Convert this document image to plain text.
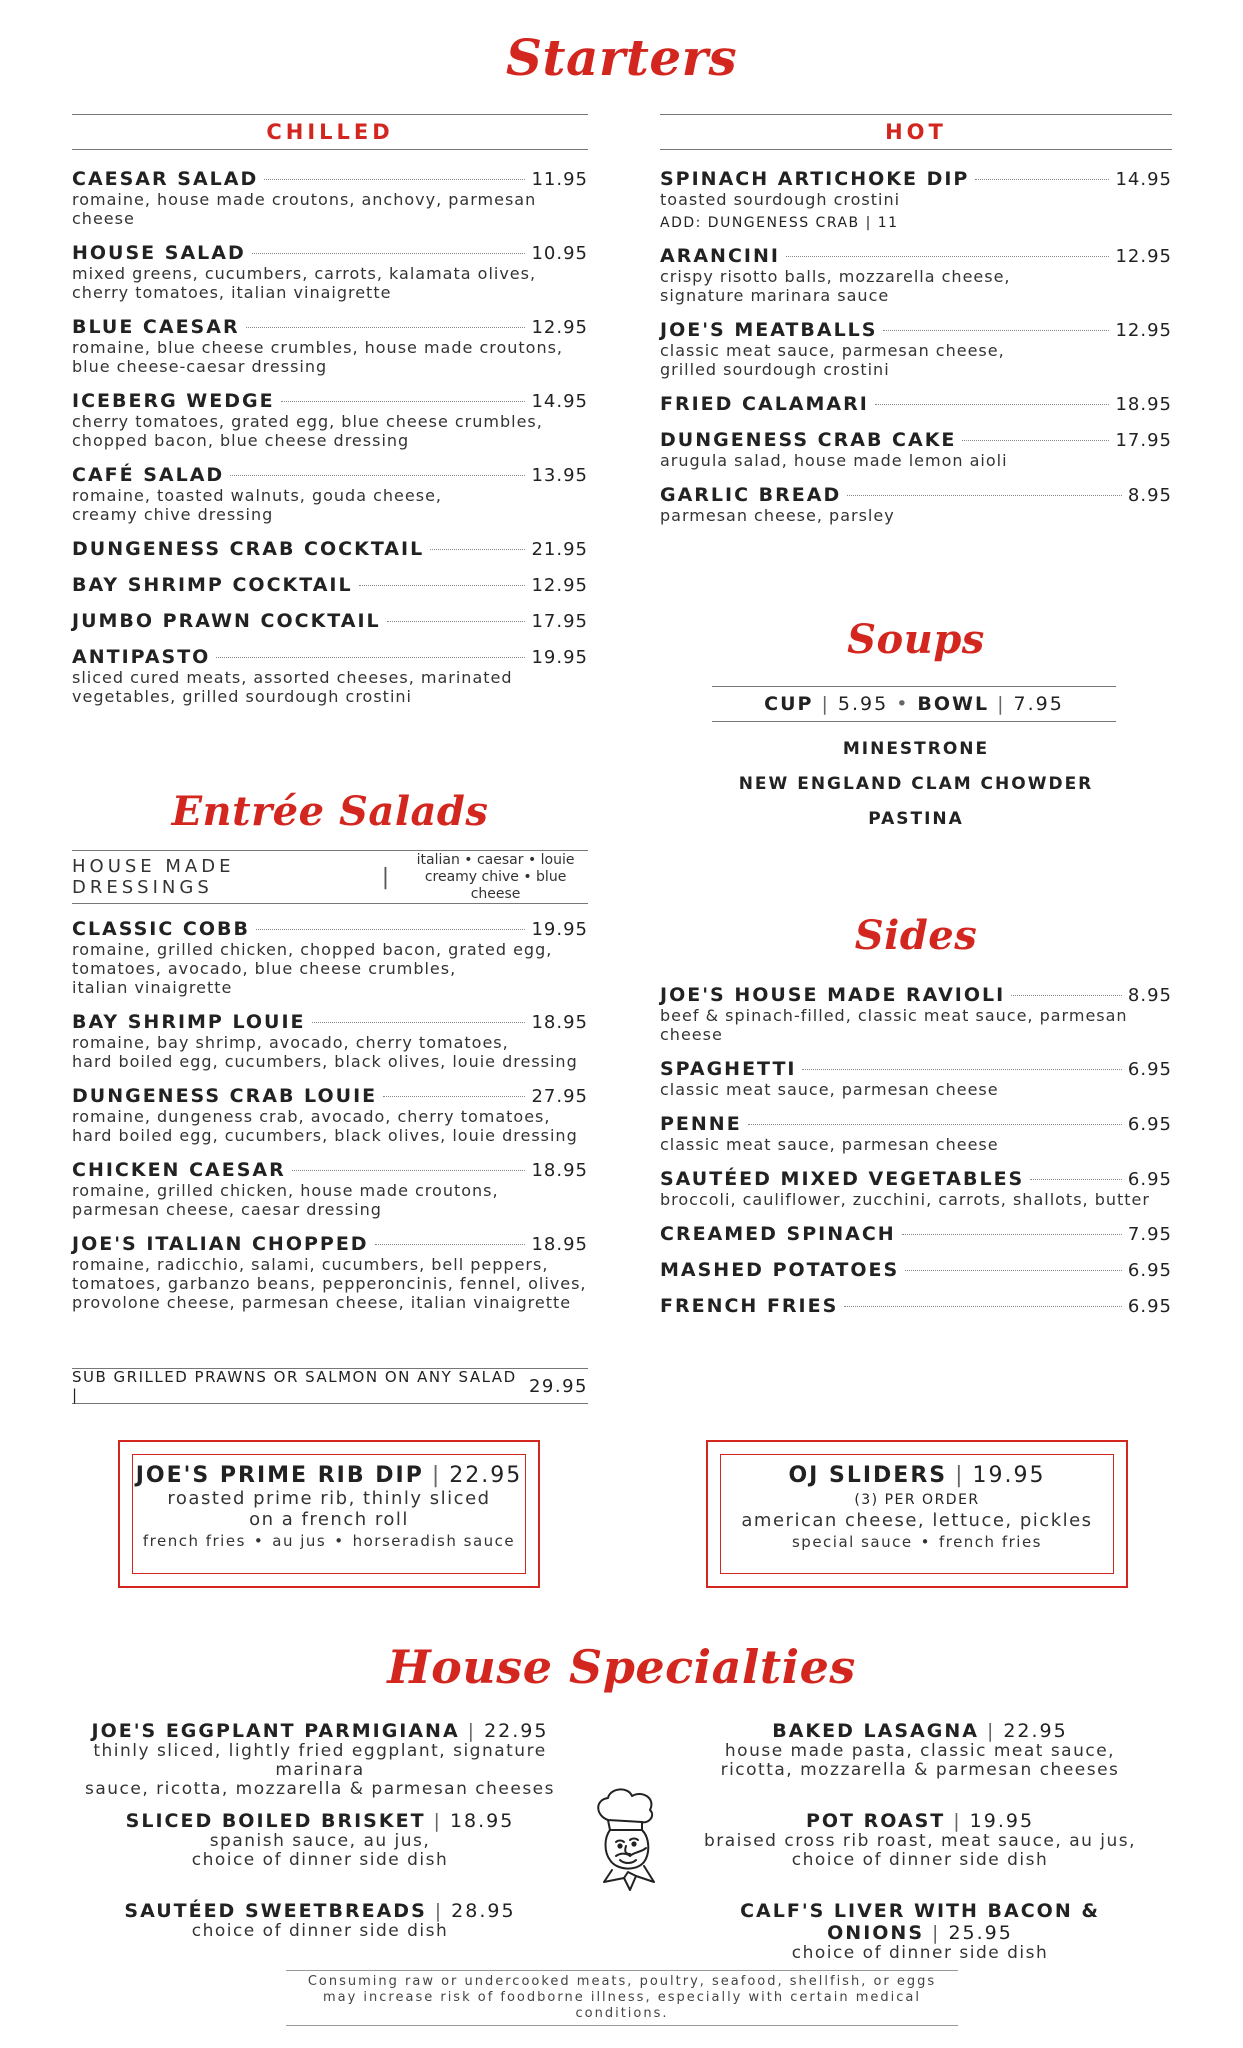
Starters
CHILLED
CAESAR SALAD	11.95
romaine, house made croutons, anchovy, parmesan cheese
HOUSE SALAD	10.95
mixed greens, cucumbers, carrots, kalamata olives,
cherry tomatoes, italian vinaigrette
BLUE CAESAR	12.95
romaine, blue cheese crumbles, house made croutons,
blue cheese-caesar dressing
ICEBERG WEDGE	14.95
cherry tomatoes, grated egg, blue cheese crumbles,
chopped bacon, blue cheese dressing
CAFÉ SALAD	13.95
romaine, toasted walnuts, gouda cheese,
creamy chive dressing
DUNGENESS CRAB COCKTAIL	21.95
BAY SHRIMP COCKTAIL	12.95
JUMBO PRAWN COCKTAIL	17.95
ANTIPASTO	19.95
sliced cured meats, assorted cheeses, marinated
vegetables, grilled sourdough crostini
HOT
SPINACH ARTICHOKE DIP	14.95
toasted sourdough crostini
ADD: DUNGENESS CRAB | 11
ARANCINI	12.95
crispy risotto balls, mozzarella cheese,
signature marinara sauce
JOE'S MEATBALLS	12.95
classic meat sauce, parmesan cheese,
grilled sourdough crostini
FRIED CALAMARI	18.95
DUNGENESS CRAB CAKE	17.95
arugula salad, house made lemon aioli
GARLIC BREAD	8.95
parmesan cheese, parsley
Entrée Salads
HOUSE MADE DRESSINGS	|
italian • caesar • louie
creamy chive • blue cheese
CLASSIC COBB	19.95
romaine, grilled chicken, chopped bacon, grated egg,
tomatoes, avocado, blue cheese crumbles,
italian vinaigrette
BAY SHRIMP LOUIE	18.95
romaine, bay shrimp, avocado, cherry tomatoes,
hard boiled egg, cucumbers, black olives, louie dressing
DUNGENESS CRAB LOUIE	27.95
romaine, dungeness crab, avocado, cherry tomatoes,
hard boiled egg, cucumbers, black olives, louie dressing
CHICKEN CAESAR	18.95
romaine, grilled chicken, house made croutons,
parmesan cheese, caesar dressing
JOE'S ITALIAN CHOPPED	18.95
romaine, radicchio, salami, cucumbers, bell peppers,
tomatoes, garbanzo beans, pepperoncinis, fennel, olives,
provolone cheese, parmesan cheese, italian vinaigrette
SUB GRILLED PRAWNS OR SALMON ON ANY SALAD |	29.95
Soups
CUP | 5.95 • BOWL | 7.95
MINESTRONE
NEW ENGLAND CLAM CHOWDER
PASTINA
Sides
JOE'S HOUSE MADE RAVIOLI	8.95
beef & spinach-filled, classic meat sauce, parmesan cheese
SPAGHETTI	6.95
classic meat sauce, parmesan cheese
PENNE	6.95
classic meat sauce, parmesan cheese
SAUTÉED MIXED VEGETABLES	6.95
broccoli, cauliflower, zucchini, carrots, shallots, butter
CREAMED SPINACH	7.95
MASHED POTATOES	6.95
FRENCH FRIES	6.95
JOE'S PRIME RIB DIP | 22.95
roasted prime rib, thinly sliced
on a french roll
french fries • au jus • horseradish sauce
OJ SLIDERS | 19.95
(3) PER ORDER
american cheese, lettuce, pickles
special sauce • french fries
House Specialties
JOE'S EGGPLANT PARMIGIANA | 22.95
thinly sliced, lightly fried eggplant, signature marinara
sauce, ricotta, mozzarella & parmesan cheeses
SLICED BOILED BRISKET | 18.95
spanish sauce, au jus,
choice of dinner side dish
SAUTÉED SWEETBREADS | 28.95
choice of dinner side dish
BAKED LASAGNA | 22.95
house made pasta, classic meat sauce,
ricotta, mozzarella & parmesan cheeses
POT ROAST | 19.95
braised cross rib roast, meat sauce, au jus,
choice of dinner side dish
CALF'S LIVER WITH BACON & ONIONS | 25.95
choice of dinner side dish
Consuming raw or undercooked meats, poultry, seafood, shellfish, or eggs
may increase risk of foodborne illness, especially with certain medical conditions.
